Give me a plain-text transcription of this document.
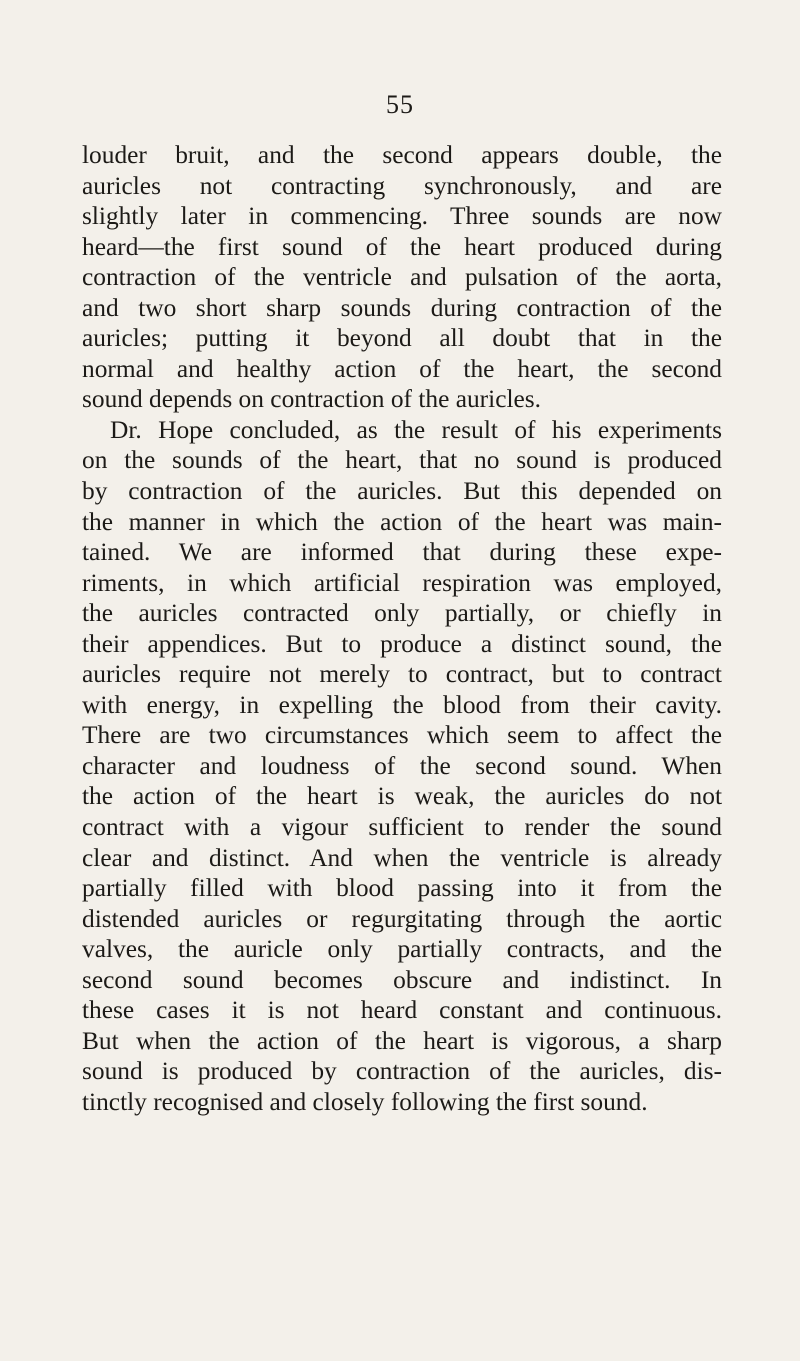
55
louder bruit, and the second appears double, the
auricles not contracting synchronously, and are
slightly later in commencing. Three sounds are now
heard—the first sound of the heart produced during
contraction of the ventricle and pulsation of the aorta,
and two short sharp sounds during contraction of the
auricles; putting it beyond all doubt that in the
normal and healthy action of the heart, the second
sound depends on contraction of the auricles.
Dr. Hope concluded, as the result of his experiments
on the sounds of the heart, that no sound is produced
by contraction of the auricles. But this depended on
the manner in which the action of the heart was main-
tained. We are informed that during these expe-
riments, in which artificial respiration was employed,
the auricles contracted only partially, or chiefly in
their appendices. But to produce a distinct sound, the
auricles require not merely to contract, but to contract
with energy, in expelling the blood from their cavity.
There are two circumstances which seem to affect the
character and loudness of the second sound. When
the action of the heart is weak, the auricles do not
contract with a vigour sufficient to render the sound
clear and distinct. And when the ventricle is already
partially filled with blood passing into it from the
distended auricles or regurgitating through the aortic
valves, the auricle only partially contracts, and the
second sound becomes obscure and indistinct. In
these cases it is not heard constant and continuous.
But when the action of the heart is vigorous, a sharp
sound is produced by contraction of the auricles, dis-
tinctly recognised and closely following the first sound.
